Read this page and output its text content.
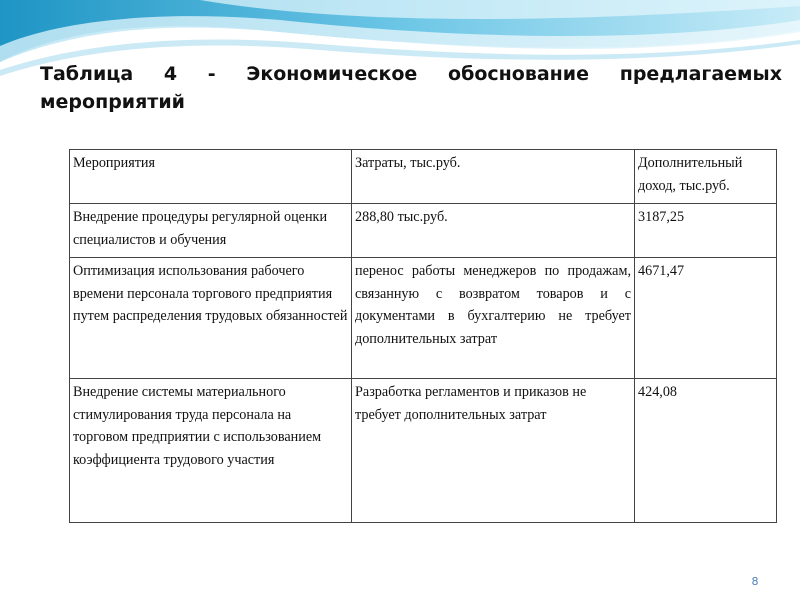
Таблица 4 - Экономическое обоснование предлагаемых мероприятий
Мероприятия	Затраты, тыс.руб.	Дополнительный доход, тыс.руб.
Внедрение процедуры регулярной оценки специалистов и обучения	288,80 тыс.руб.	3187,25
Оптимизация использования рабочего времени персонала торгового предприятия путем распределения трудовых обязанностей	перенос работы менеджеров по продажам, связанную с возвратом товаров и с документами в бухгалтерию не требует дополнительных затрат	4671,47
Внедрение системы материального стимулирования труда персонала на торговом предприятии с использованием коэффициента трудового участия	Разработка регламентов и приказов не требует дополнительных затрат	424,08
8
